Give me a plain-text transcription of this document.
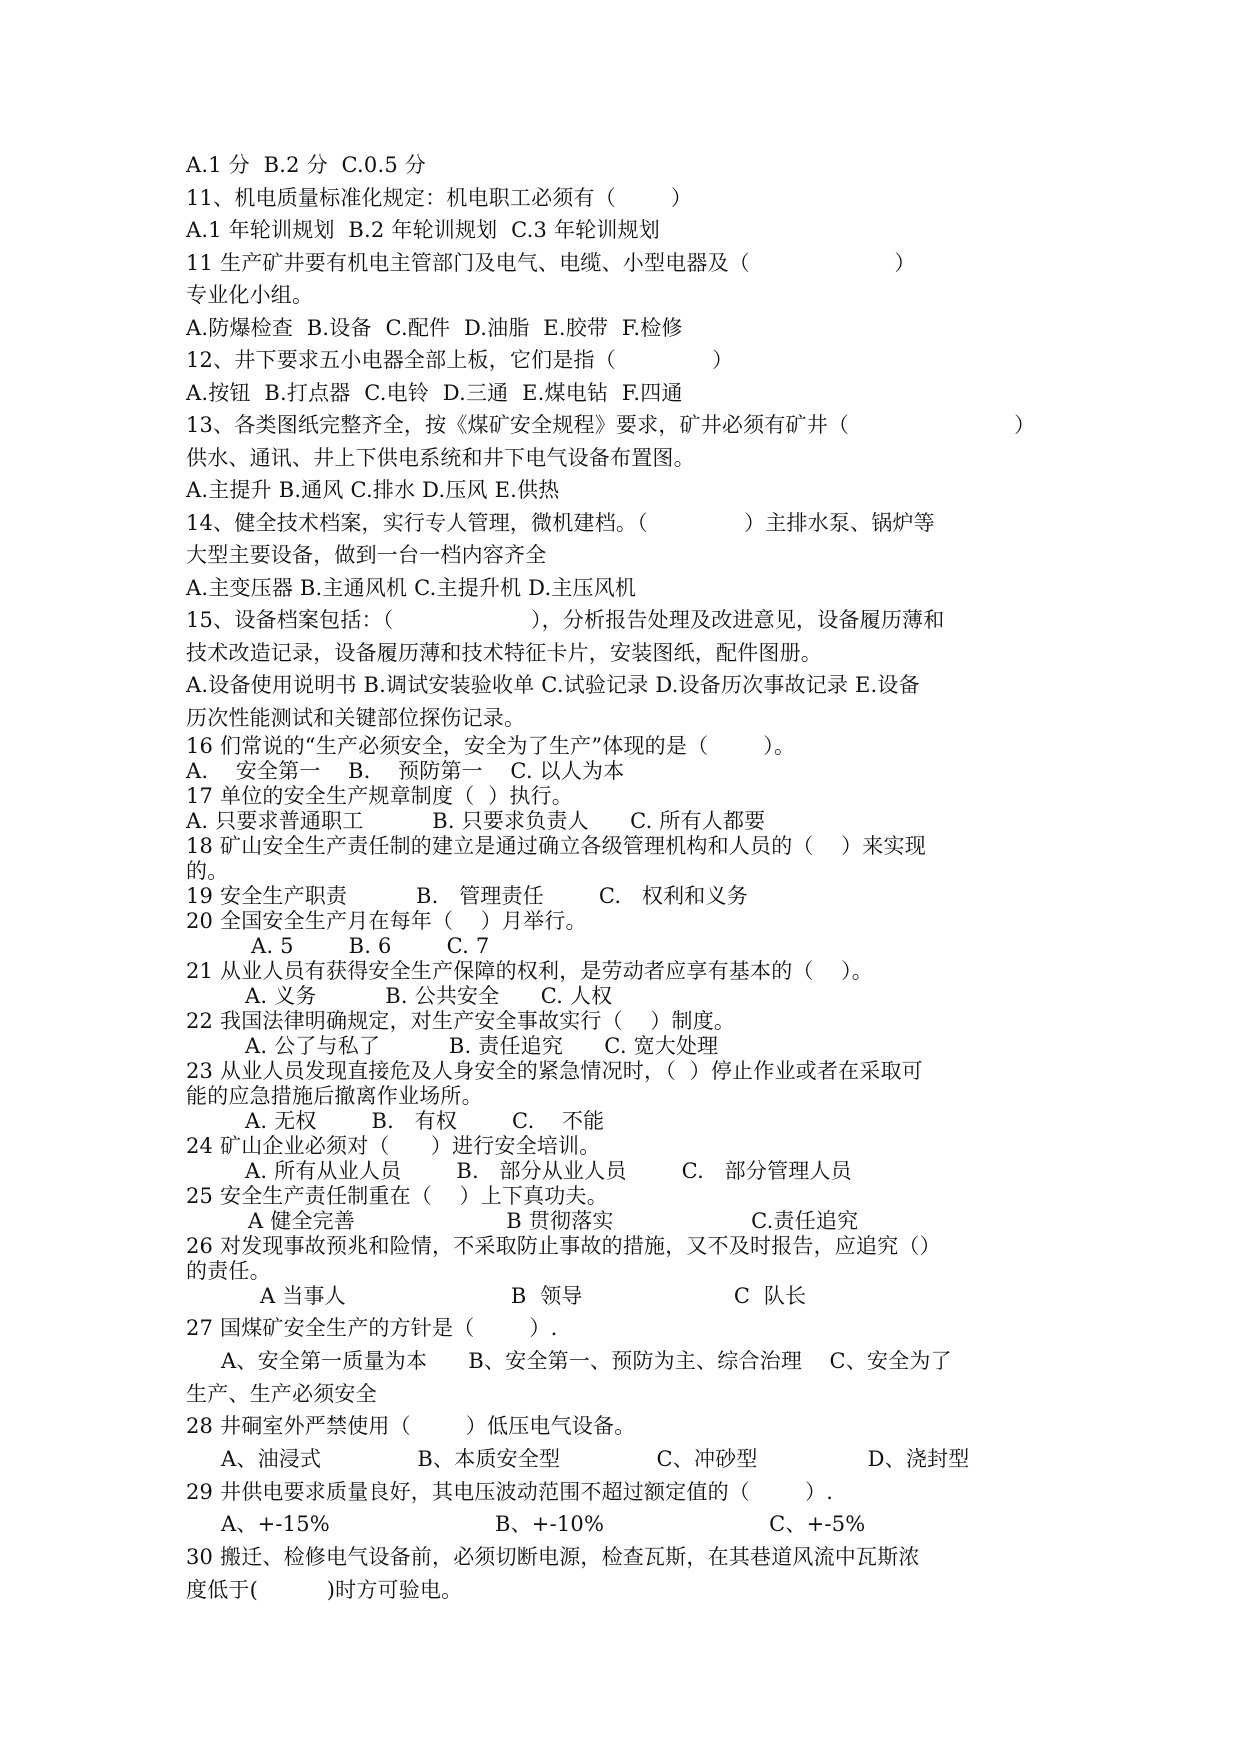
A.1 分  B.2 分  C.0.5 分
11、机电质量标准化规定：机电职工必须有（        ）
A.1 年轮训规划  B.2 年轮训规划  C.3 年轮训规划
11 生产矿井要有机电主管部门及电气、电缆、小型电器及（                     ）
专业化小组。
A.防爆检查  B.设备  C.配件  D.油脂  E.胶带  F.检修
12、井下要求五小电器全部上板，它们是指（              ）
A.按钮  B.打点器  C.电铃  D.三通  E.煤电钻  F.四通
13、各类图纸完整齐全，按《煤矿安全规程》要求，矿井必须有矿井（                        ）
供水、通讯、井上下供电系统和井下电气设备布置图。
A.主提升 B.通风 C.排水 D.压风 E.供热
14、健全技术档案，实行专人管理，微机建档。（              ）主排水泵、锅炉等
大型主要设备，做到一台一档内容齐全
A.主变压器 B.主通风机 C.主提升机 D.主压风机
15、设备档案包括：（                    ），分析报告处理及改进意见，设备履历薄和
技术改造记录，设备履历薄和技术特征卡片，安装图纸，配件图册。
A.设备使用说明书 B.调试安装验收单 C.试验记录 D.设备历次事故记录 E.设备
历次性能测试和关键部位探伤记录。
16 们常说的“生产必须安全，安全为了生产”体现的是（        ）。
A.    安全第一    B.    预防第一    C. 以人为本
17 单位的安全生产规章制度（  ）执行。
A. 只要求普通职工          B. 只要求负责人      C. 所有人都要
18 矿山安全生产责任制的建立是通过确立各级管理机构和人员的（    ）来实现
的。
19 安全生产职责          B.   管理责任        C.   权利和义务
20 全国安全生产月在每年（    ）月举行。
A. 5        B. 6        C. 7
21 从业人员有获得安全生产保障的权利，是劳动者应享有基本的（    ）。
A. 义务          B. 公共安全      C. 人权
22 我国法律明确规定，对生产安全事故实行（    ）制度。
A. 公了与私了          B. 责任追究      C. 宽大处理
23 从业人员发现直接危及人身安全的紧急情况时，（  ）停止作业或者在采取可
能的应急措施后撤离作业场所。
A. 无权        B.   有权        C.    不能
24 矿山企业必须对（      ）进行安全培训。
A. 所有从业人员        B.   部分从业人员        C.   部分管理人员
25 安全生产责任制重在（    ）上下真功夫。
A 健全完善                      B 贯彻落实                    C.责任追究
26 对发现事故预兆和险情，不采取防止事故的措施，又不及时报告，应追究（）
的责任。
A 当事人                        B  领导                      C  队长
27 国煤矿安全生产的方针是（        ）.
A、安全第一质量为本      B、安全第一、预防为主、综合治理    C、安全为了
生产、生产必须安全
28 井硐室外严禁使用（        ）低压电气设备。
A、油浸式              B、本质安全型              C、冲砂型                D、浇封型
29 井供电要求质量良好，其电压波动范围不超过额定值的（        ）.
A、+-15%                        B、+-10%                        C、+-5%
30 搬迁、检修电气设备前，必须切断电源，检查瓦斯，在其巷道风流中瓦斯浓
度低于(          )时方可验电。
